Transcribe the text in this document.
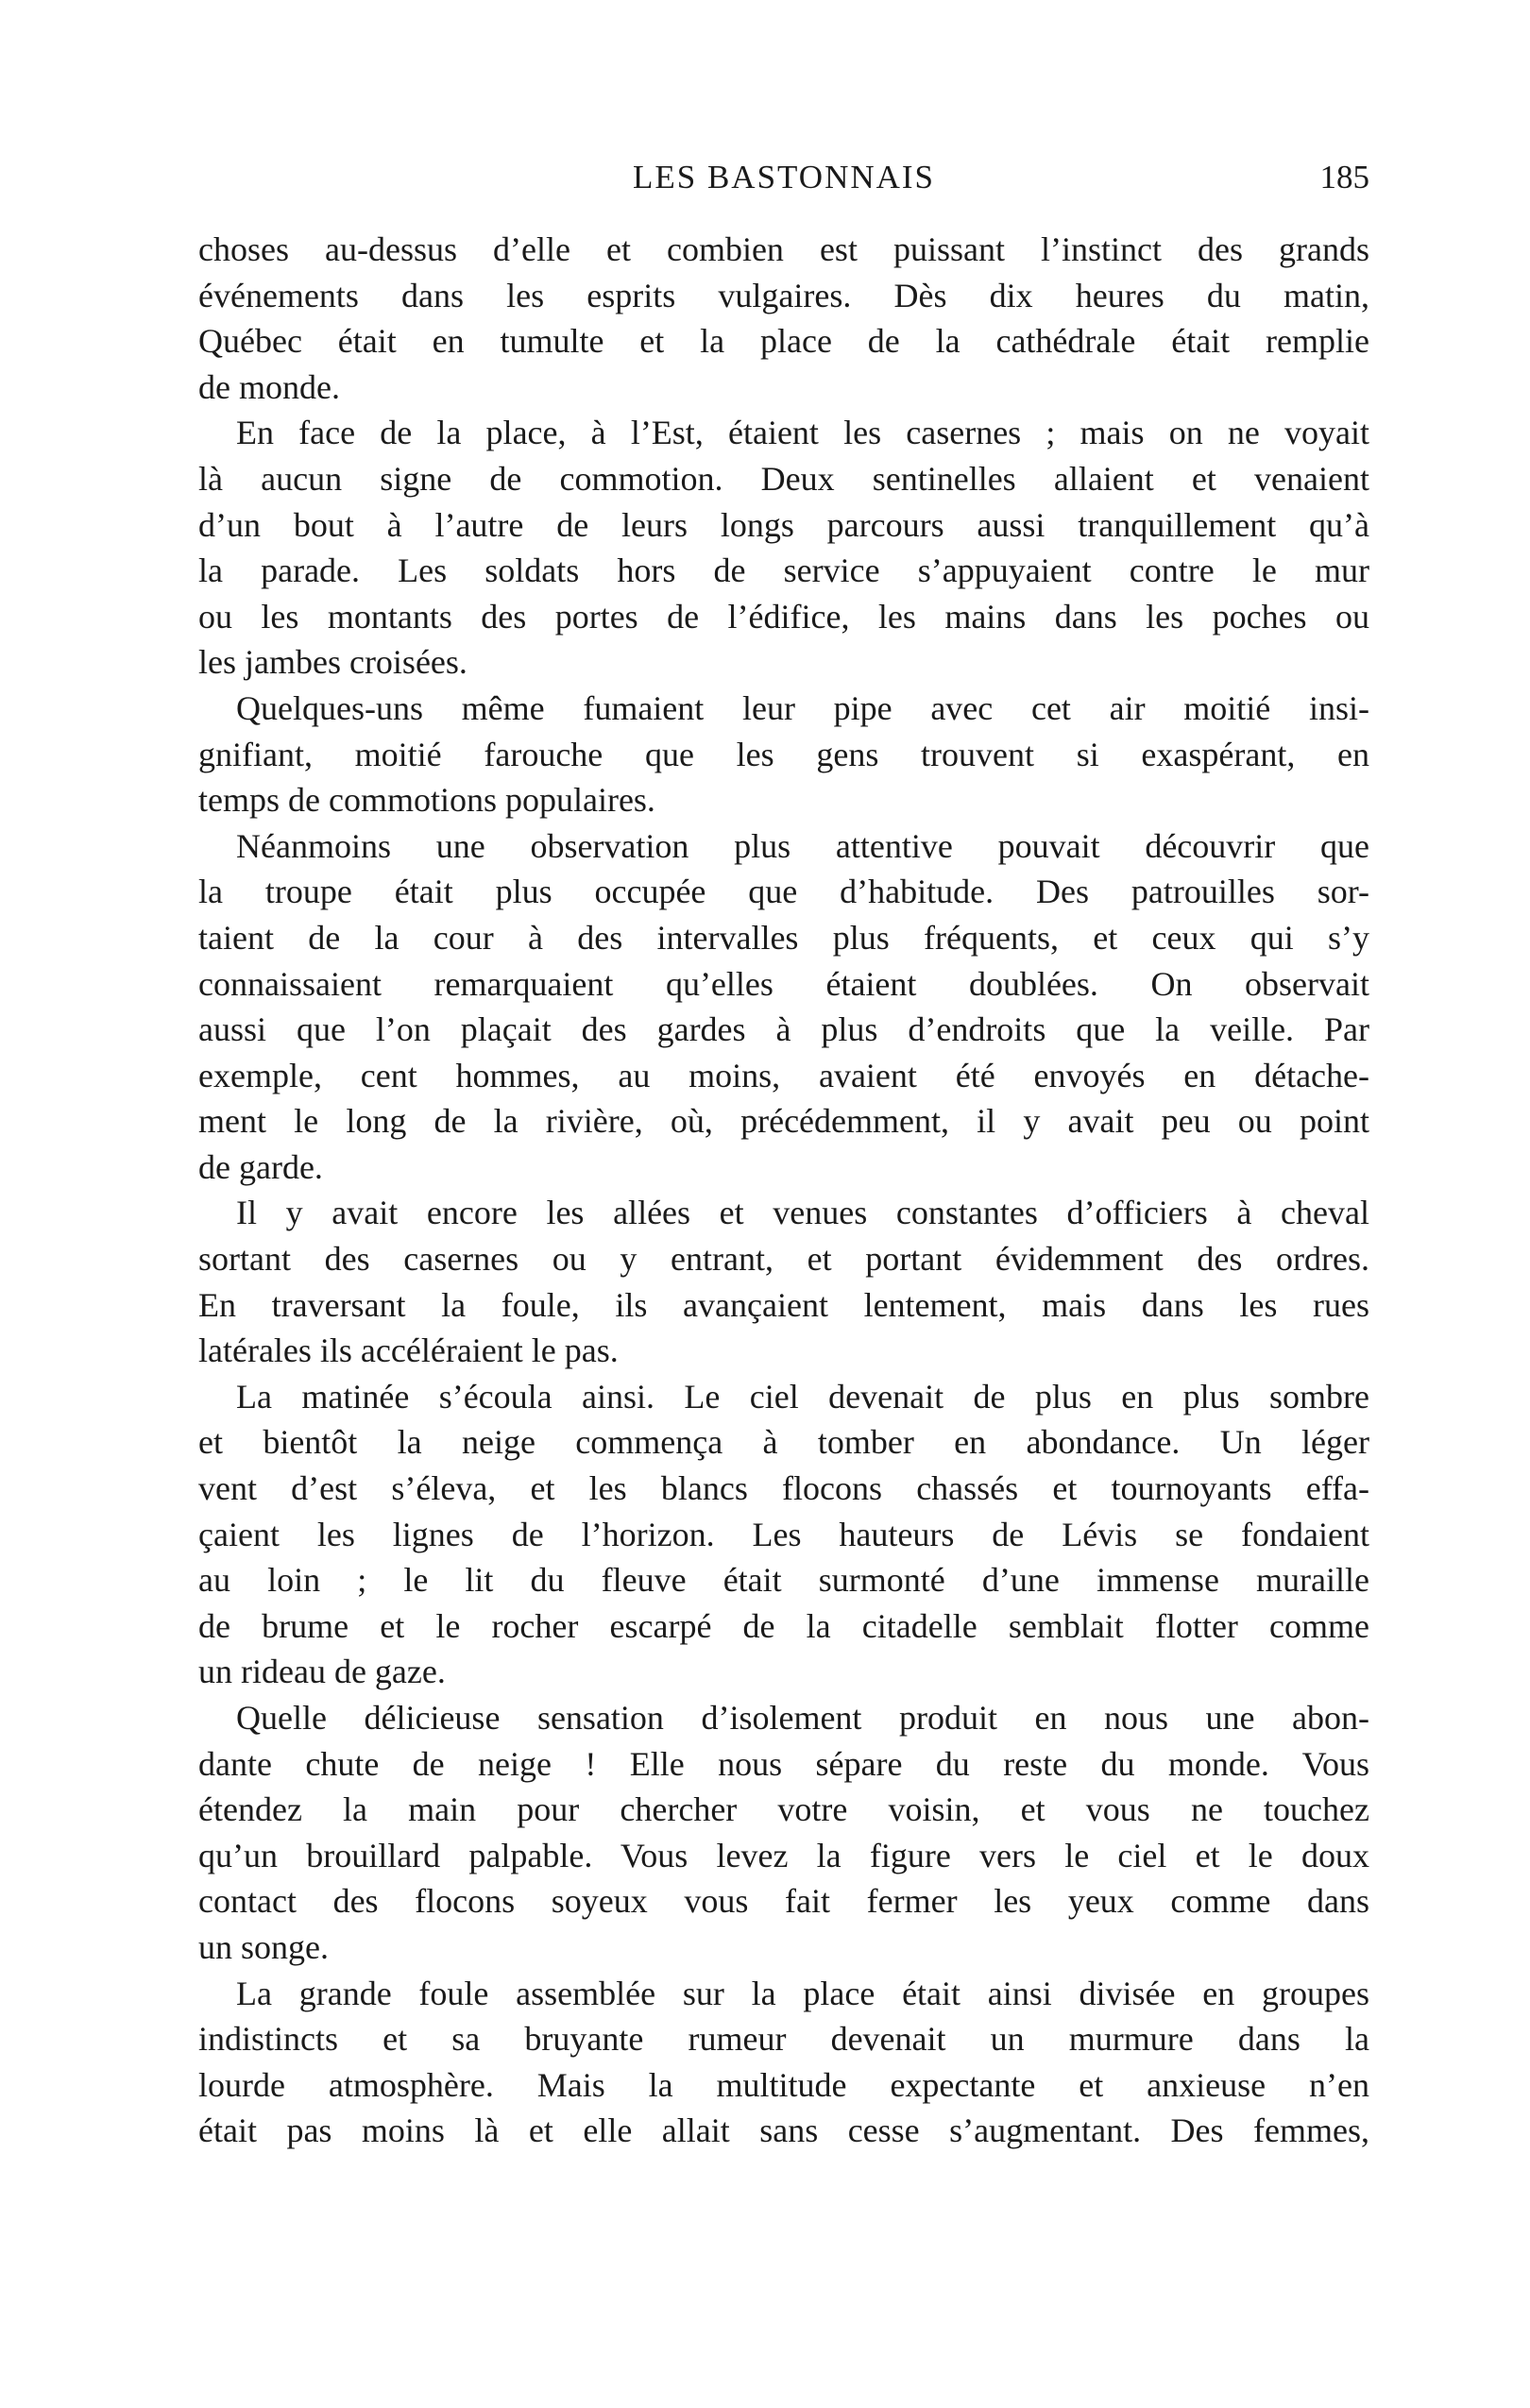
LES BASTONNAIS	185
choses au-dessus d’elle et combien est puissant l’instinct des grands
événements dans les esprits vulgaires. Dès dix heures du matin,
Québec était en tumulte et la place de la cathédrale était remplie
de monde.
En face de la place, à l’Est, étaient les casernes ; mais on ne voyait
là aucun signe de commotion. Deux sentinelles allaient et venaient
d’un bout à l’autre de leurs longs parcours aussi tranquillement qu’à
la parade. Les soldats hors de service s’appuyaient contre le mur
ou les montants des portes de l’édifice, les mains dans les poches ou
les jambes croisées.
Quelques-uns même fumaient leur pipe avec cet air moitié insi-
gnifiant, moitié farouche que les gens trouvent si exaspérant, en
temps de commotions populaires.
Néanmoins une observation plus attentive pouvait découvrir que
la troupe était plus occupée que d’habitude. Des patrouilles sor-
taient de la cour à des intervalles plus fréquents, et ceux qui s’y
connaissaient remarquaient qu’elles étaient doublées. On observait
aussi que l’on plaçait des gardes à plus d’endroits que la veille. Par
exemple, cent hommes, au moins, avaient été envoyés en détache-
ment le long de la rivière, où, précédemment, il y avait peu ou point
de garde.
Il y avait encore les allées et venues constantes d’officiers à cheval
sortant des casernes ou y entrant, et portant évidemment des ordres.
En traversant la foule, ils avançaient lentement, mais dans les rues
latérales ils accéléraient le pas.
La matinée s’écoula ainsi. Le ciel devenait de plus en plus sombre
et bientôt la neige commença à tomber en abondance. Un léger
vent d’est s’éleva, et les blancs flocons chassés et tournoyants effa-
çaient les lignes de l’horizon. Les hauteurs de Lévis se fondaient
au loin ; le lit du fleuve était surmonté d’une immense muraille
de brume et le rocher escarpé de la citadelle semblait flotter comme
un rideau de gaze.
Quelle délicieuse sensation d’isolement produit en nous une abon-
dante chute de neige ! Elle nous sépare du reste du monde. Vous
étendez la main pour chercher votre voisin, et vous ne touchez
qu’un brouillard palpable. Vous levez la figure vers le ciel et le doux
contact des flocons soyeux vous fait fermer les yeux comme dans
un songe.
La grande foule assemblée sur la place était ainsi divisée en groupes
indistincts et sa bruyante rumeur devenait un murmure dans la
lourde atmosphère. Mais la multitude expectante et anxieuse n’en
était pas moins là et elle allait sans cesse s’augmentant. Des femmes,
